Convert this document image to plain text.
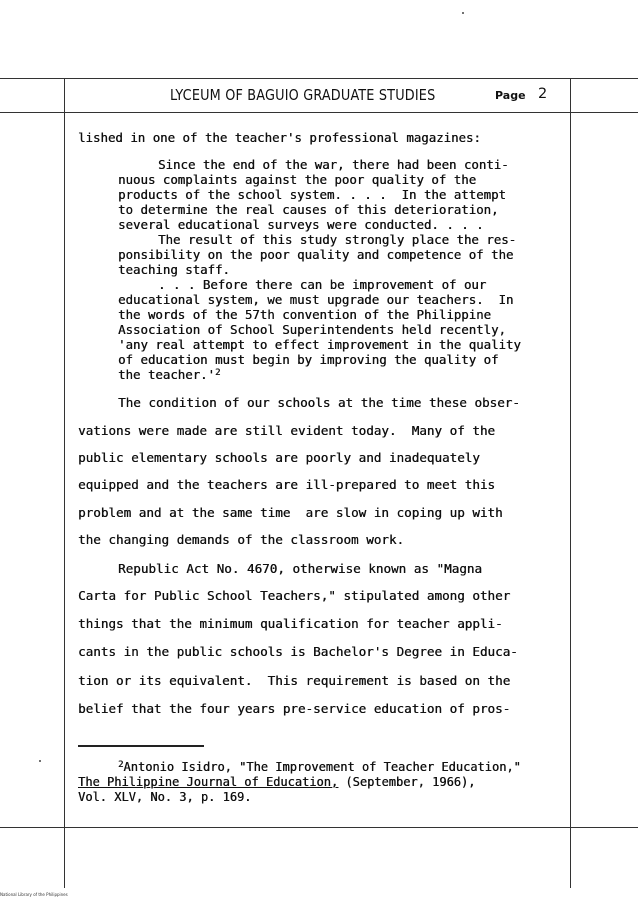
LYCEUM OF BAGUIO GRADUATE STUDIES	Page 2
lished in one of the teacher's professional magazines:
Since the end of the war, there had been conti-
nuous complaints against the poor quality of the
products of the school system. . . .  In the attempt
to determine the real causes of this deterioration,
several educational surveys were conducted. . . .
The result of this study strongly place the res-
ponsibility on the poor quality and competence of the
teaching staff.
. . . Before there can be improvement of our
educational system, we must upgrade our teachers.  In
the words of the 57th convention of the Philippine
Association of School Superintendents held recently,
'any real attempt to effect improvement in the quality
of education must begin by improving the quality of
the $teacher.'^2$
The condition of our schools at the time these obser-
vations were made are still evident today.  Many of the
public elementary schools are poorly and inadequately
equipped and the teachers are ill-prepared to meet this
problem and at the same time  are slow in coping up with
the changing demands of the classroom work.
Republic Act No. 4670, otherwise known as "Magna
Carta for Public School Teachers," stipulated among other
things that the minimum qualification for teacher appli-
cants in the public schools is Bachelor's Degree in Educa-
tion or its equivalent.  This requirement is based on the
belief that the four years pre-service education of pros-
$^2$Antonio Isidro, "The Improvement of Teacher Education,"
The Philippine Journal of Education, (September, 1966),
Vol. XLV, No. 3, p. 169.
National Library of the Philippines
